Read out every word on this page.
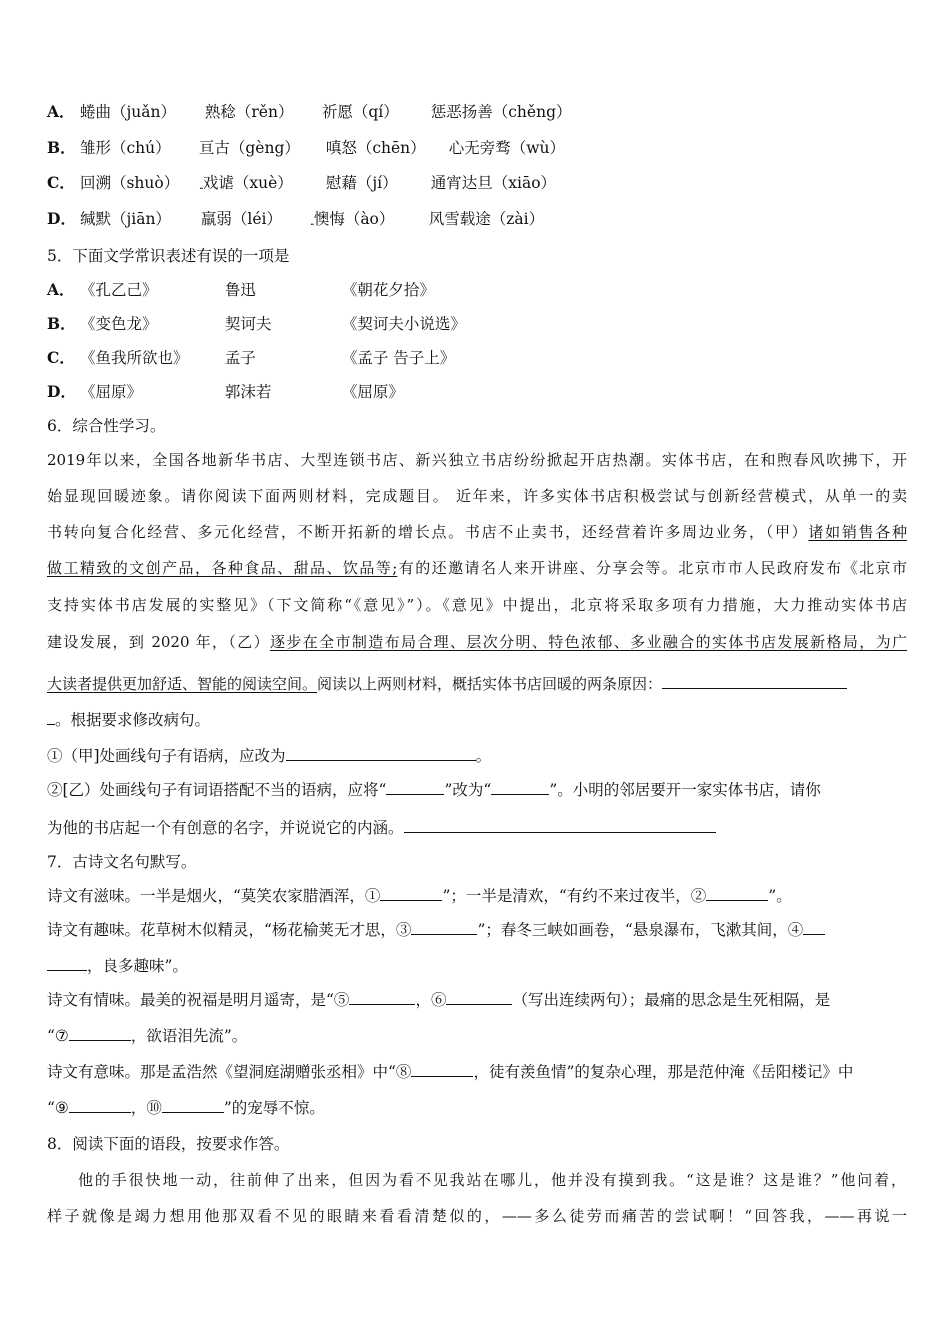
A． 蜷曲（juǎn） 熟稔（rěn） 祈愿（qí） 惩恶扬善（chěng）
B． 雏形（chú） 亘古（gèng） 嗔怒（chēn） 心无旁骛（wù）
C． 回溯（shuò） ·· 戏谑（xuè） 慰藉（jí） 通宵达旦（xiāo）
D． 缄默（jiān） 羸弱（léi） ·· 懊悔（ào） 风雪载途（zài）
5．下面文学常识表述有误的一项是
A． 《孔乙己》	鲁迅	《朝花夕拾》
B． 《变色龙》	契诃夫	《契诃夫小说选》
C． 《鱼我所欲也》 孟子	《孟子 告子上》
D． 《屈原》	郭沫若	《屈原》
6．综合性学习。
2019年以来，全国各地新华书店、大型连锁书店、新兴独立书店纷纷掀起开店热潮。实体书店，在和煦春风吹拂下，开
始显现回暖迹象。请你阅读下面两则材料，完成题目。 近年来，许多实体书店积极尝试与创新经营模式，从单一的卖
书转向复合化经营、多元化经营，不断开拓新的增长点。书店不止卖书，还经营着许多周边业务，（甲）诸如销售各种
做工精致的文创产品，各种食品、甜品、饮品等;有的还邀请名人来开讲座、分享会等。北京市市人民政府发布《北京市
支持实体书店发展的实整见》（下文简称“《意见》”）。《意见》中提出，北京将采取多项有力措施，大力推动实体书店
建设发展，到 2020 年，（乙）逐步在全市制造布局合理、层次分明、特色浓郁、多业融合的实体书店发展新格局，为广
大读者提供更加舒适、智能的阅读空间。阅读以上两则材料，概括实体书店回暖的两条原因：
。根据要求修改病句。
①（甲]处画线句子有语病，应改为	。
②[乙）处画线句子有词语搭配不当的语病，应将“	”改为“	”。小明的邻居要开一家实体书店，请你
为他的书店起一个有创意的名字，并说说它的内涵。
7．古诗文名句默写。
诗文有滋味。一半是烟火，“莫笑农家腊酒浑，①	”；一半是清欢，“有约不来过夜半，②	”。
诗文有趣味。花草树木似精灵，“杨花榆荚无才思，③	”；春冬三峡如画卷，“悬泉瀑布，飞漱其间，④
，良多趣味”。
诗文有情味。最美的祝福是明月遥寄，是“⑤	，⑥	（写出连续两句）；最痛的思念是生死相隔，是
“⑦	，欲语泪先流”。
诗文有意味。那是孟浩然《望洞庭湖赠张丞相》中“⑧	，徒有羡鱼情”的复杂心理，那是范仲淹《岳阳楼记》中
“⑨	，⑩	”的宠辱不惊。
8．阅读下面的语段，按要求作答。
他的手很快地一动，往前伸了出来，但因为看不见我站在哪儿，他并没有摸到我。“这是谁？这是谁？”他问着，
样子就像是竭力想用他那双看不见的眼睛来看看清楚似的，——多么徒劳而痛苦的尝试啊！“回答我，——再说一
